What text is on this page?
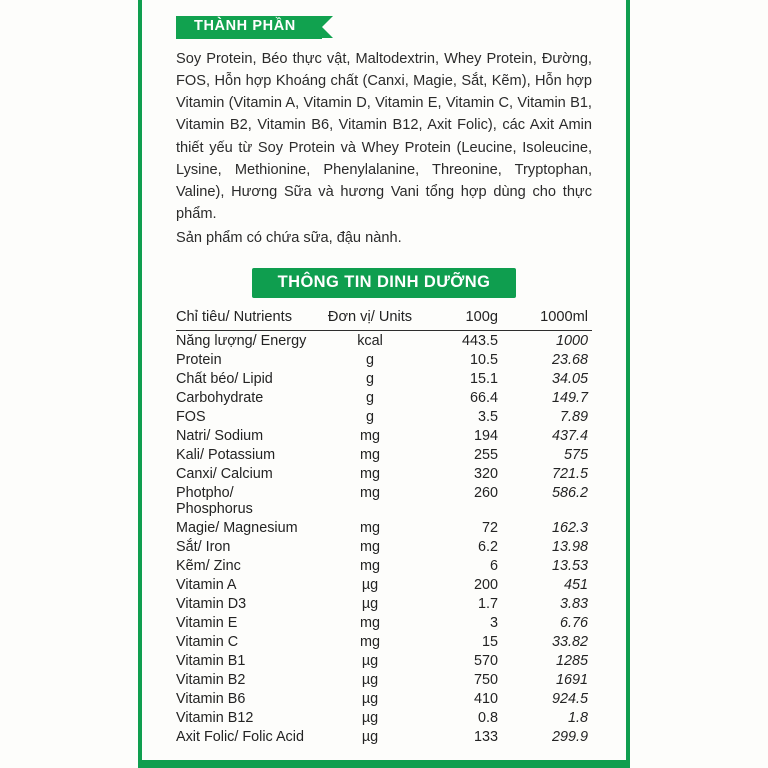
THÀNH PHẦN
Soy Protein, Béo thực vật, Maltodextrin, Whey Protein, Đường, FOS, Hỗn hợp Khoáng chất (Canxi, Magie, Sắt, Kẽm), Hỗn hợp Vitamin (Vitamin A, Vitamin D, Vitamin E, Vitamin C, Vitamin B1, Vitamin B2, Vitamin B6, Vitamin B12, Axit Folic), các Axit Amin thiết yếu từ Soy Protein và Whey Protein (Leucine, Isoleucine, Lysine, Methionine, Phenylalanine, Threonine, Tryptophan, Valine), Hương Sữa và hương Vani tổng hợp dùng cho thực phẩm.
Sản phẩm có chứa sữa, đậu nành.
THÔNG TIN DINH DƯỠNG
Chỉ tiêu/ Nutrients	Đơn vị/ Units	100g	1000ml
Năng lượng/ Energy	kcal	443.5	1000
Protein	g	10.5	23.68
Chất béo/ Lipid	g	15.1	34.05
Carbohydrate	g	66.4	149.7
FOS	g	3.5	7.89
Natri/ Sodium	mg	194	437.4
Kali/ Potassium	mg	255	575
Canxi/ Calcium	mg	320	721.5
Photpho/ Phosphorus	mg	260	586.2
Magie/ Magnesium	mg	72	162.3
Sắt/ Iron	mg	6.2	13.98
Kẽm/ Zinc	mg	6	13.53
Vitamin A	µg	200	451
Vitamin D3	µg	1.7	3.83
Vitamin E	mg	3	6.76
Vitamin C	mg	15	33.82
Vitamin B1	µg	570	1285
Vitamin B2	µg	750	1691
Vitamin B6	µg	410	924.5
Vitamin B12	µg	0.8	1.8
Axit Folic/ Folic Acid	µg	133	299.9
